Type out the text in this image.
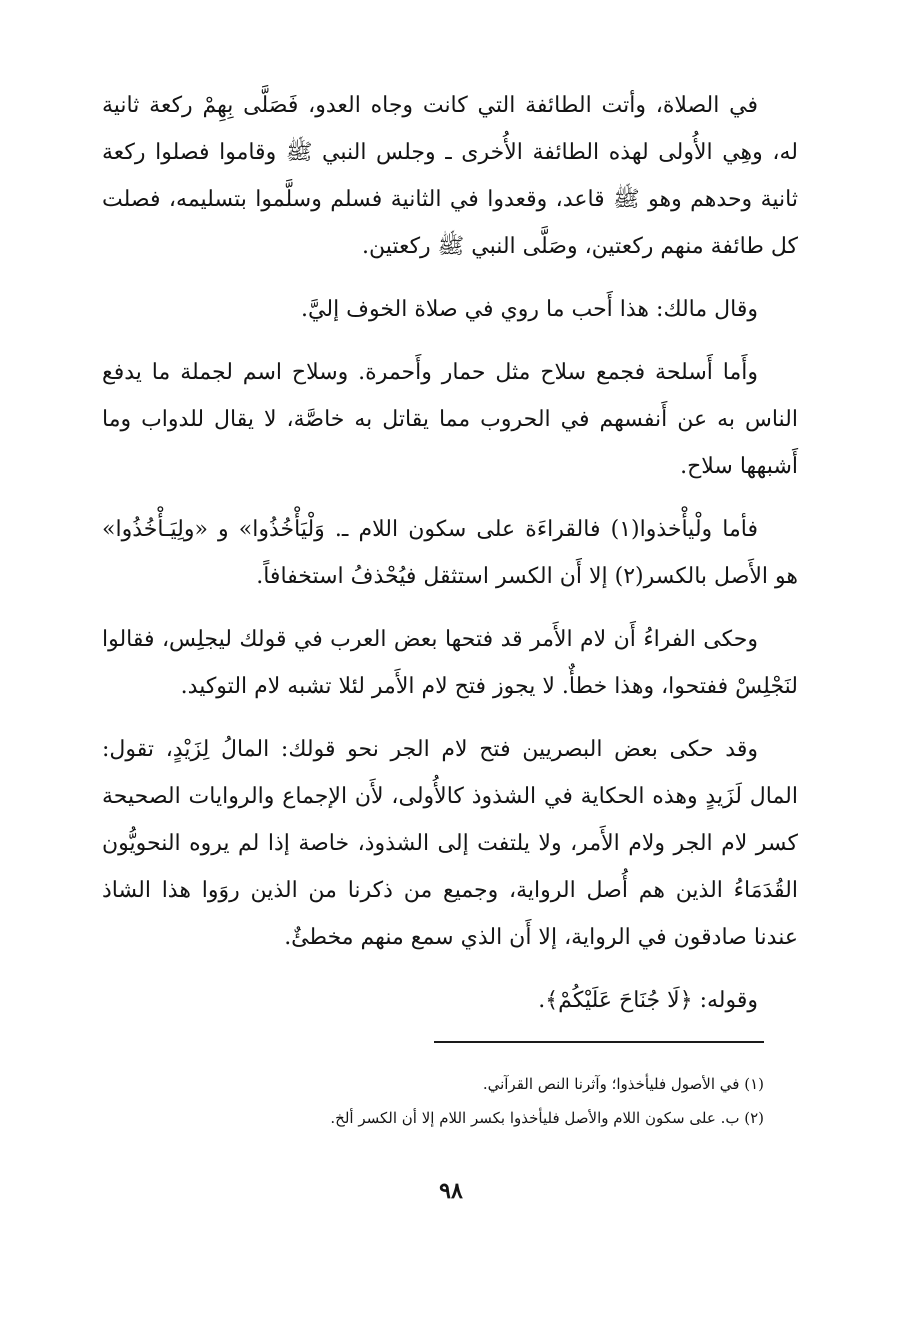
في الصلاة، وأتت الطائفة التي كانت وجاه العدو، فَصَلَّى بِهِمْ ركعة ثانية له، وهِي الأُولى لهذه الطائفة الأُخرى ـ وجلس النبي ﷺ وقاموا فصلوا ركعة ثانية وحدهم وهو ﷺ قاعد، وقعدوا في الثانية فسلم وسلَّموا بتسليمه، فصلت كل طائفة منهم ركعتين، وصَلَّى النبي ﷺ ركعتين.

وقال مالك: هذا أَحب ما روي في صلاة الخوف إليَّ.

وأَما أَسلحة فجمع سلاح مثل حمار وأَحمرة. وسلاح اسم لجملة ما يدفع الناس به عن أَنفسهم في الحروب مما يقاتل به خاصَّة، لا يقال للدواب وما أَشبهها سلاح.

فأما ولْيأْخذوا(١) فالقراءَة على سكون اللام ـ. وَلْيَأْخُذُوا» و «ولِيَـأْخُذُوا» هو الأَصل بالكسر(٢) إلا أَن الكسر استثقل فيُحْذفُ استخفافاً.

وحكى الفراءُ أَن لام الأَمر قد فتحها بعض العرب في قولك ليجلِس، فقالوا لنَجْلِسْ ففتحوا، وهذا خطأٌ. لا يجوز فتح لام الأَمر لئلا تشبه لام التوكيد.

وقد حكى بعض البصريين فتح لام الجر نحو قولك: المالُ لِزَيْدٍ، تقول: المال لَزَيدٍ وهذه الحكاية في الشذوذ كالأُولى، لأَن الإجماع والروايات الصحيحة كسر لام الجر ولام الأَمر، ولا يلتفت إلى الشذوذ، خاصة إذا لم يروه النحويُّون القُدَمَاءُ الذين هم أُصل الرواية، وجميع من ذكرنا من الذين روَوا هذا الشاذ عندنا صادقون في الرواية، إلا أَن الذي سمع منهم مخطئٌ.

وقوله: ﴿لَا جُنَاحَ عَلَيْكُمْ﴾.

(١) في الأصول فليأخذوا؛ وآثرنا النص القرآني.

(٢) ب. على سكون اللام والأصل فليأخذوا بكسر اللام إلا أن الكسر ألخ.

٩٨
